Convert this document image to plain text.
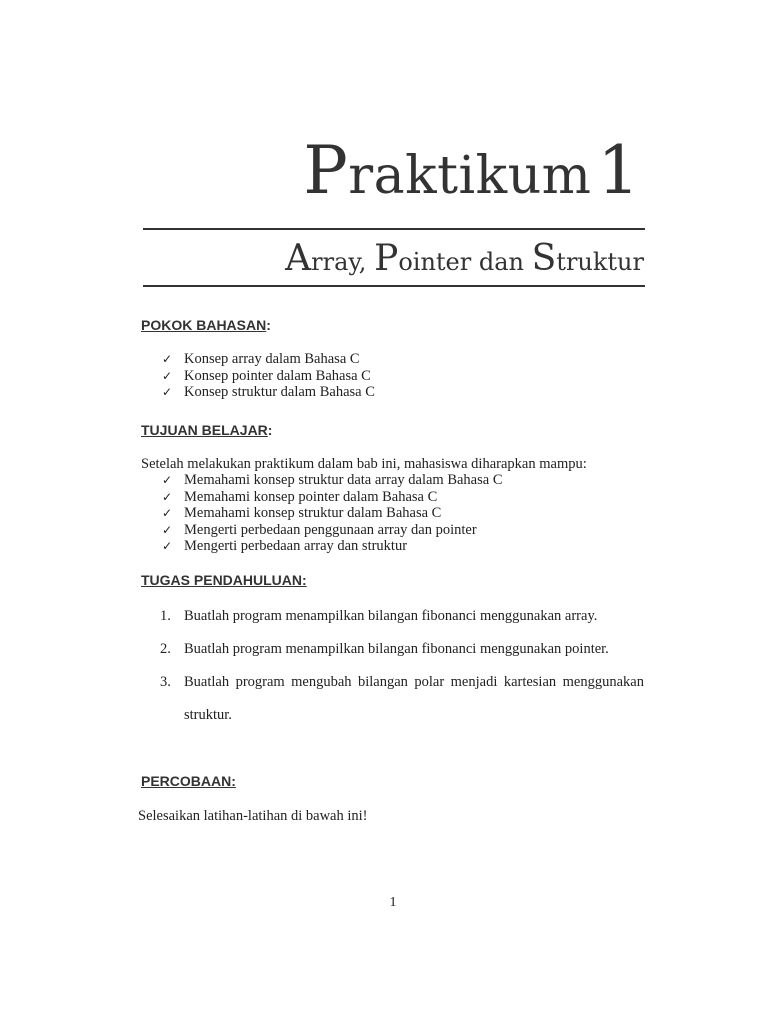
Praktikum1
Array, Pointer dan Struktur
POKOK BAHASAN:
✓ Konsep array dalam Bahasa C
✓ Konsep pointer dalam Bahasa C
✓ Konsep struktur dalam Bahasa C
TUJUAN BELAJAR:
Setelah melakukan praktikum dalam bab ini, mahasiswa diharapkan mampu:
✓ Memahami konsep struktur data array dalam Bahasa C
✓ Memahami konsep pointer dalam Bahasa C
✓ Memahami konsep struktur dalam Bahasa C
✓ Mengerti perbedaan penggunaan array dan pointer
✓ Mengerti perbedaan array dan struktur
TUGAS PENDAHULUAN:
1. Buatlah program menampilkan bilangan fibonanci menggunakan array.
2. Buatlah program menampilkan bilangan fibonanci menggunakan pointer.
3. Buatlah program mengubah bilangan polar menjadi kartesian menggunakan
struktur.
PERCOBAAN:
Selesaikan latihan-latihan di bawah ini!
1
